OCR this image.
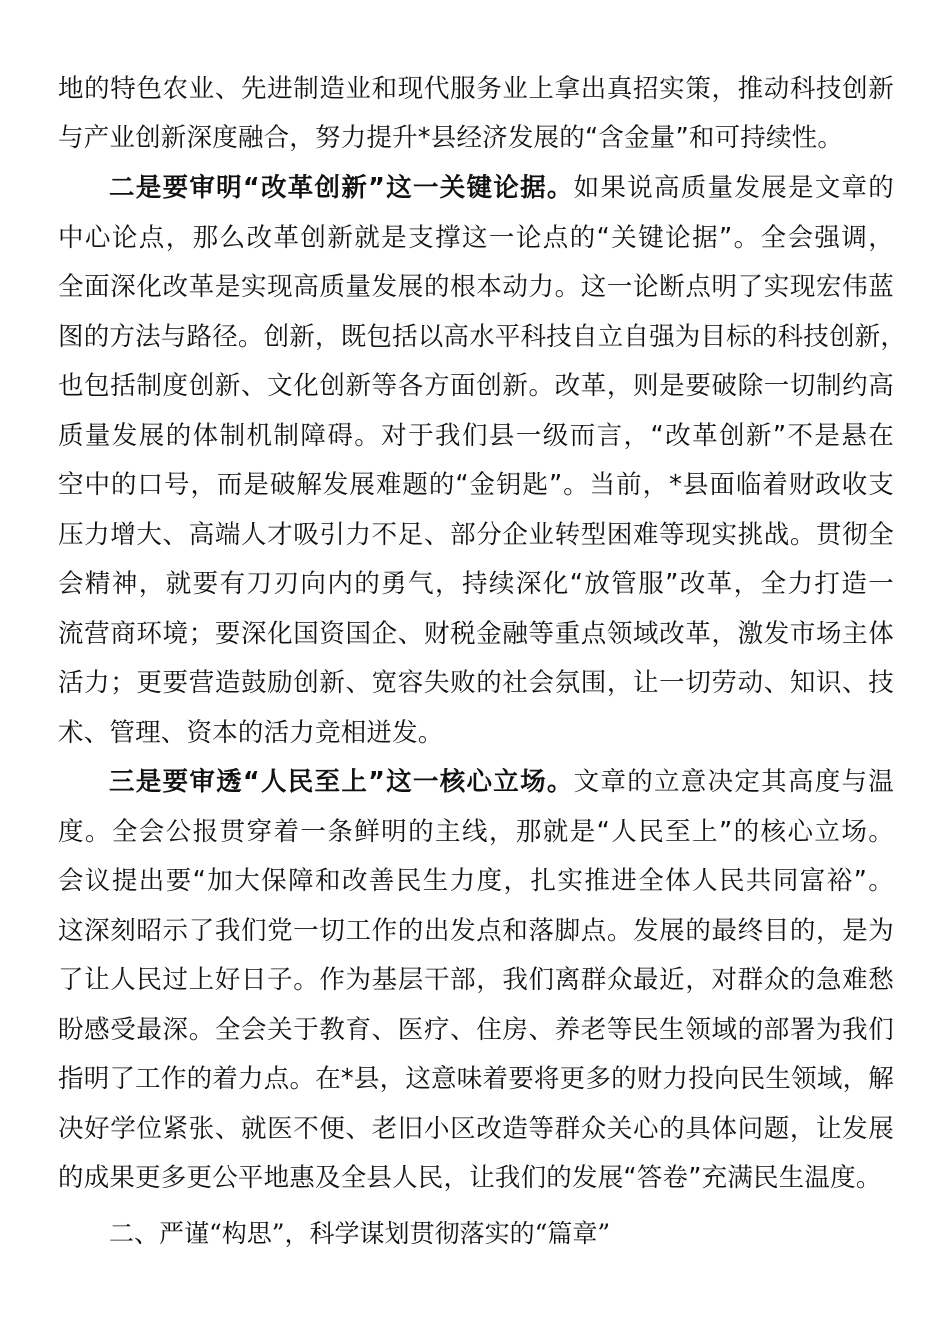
地的特色农业、先进制造业和现代服务业上拿出真招实策，推动科技创新
与产业创新深度融合，努力提升*县经济发展的“含金量”和可持续性。
二是要审明“改革创新”这一关键论据。如果说高质量发展是文章的
中心论点，那么改革创新就是支撑这一论点的“关键论据”。全会强调，
全面深化改革是实现高质量发展的根本动力。这一论断点明了实现宏伟蓝
图的方法与路径。创新，既包括以高水平科技自立自强为目标的科技创新，
也包括制度创新、文化创新等各方面创新。改革，则是要破除一切制约高
质量发展的体制机制障碍。对于我们县一级而言，“改革创新”不是悬在
空中的口号，而是破解发展难题的“金钥匙”。当前，*县面临着财政收支
压力增大、高端人才吸引力不足、部分企业转型困难等现实挑战。贯彻全
会精神，就要有刀刃向内的勇气，持续深化“放管服”改革，全力打造一
流营商环境；要深化国资国企、财税金融等重点领域改革，激发市场主体
活力；更要营造鼓励创新、宽容失败的社会氛围，让一切劳动、知识、技
术、管理、资本的活力竞相迸发。
三是要审透“人民至上”这一核心立场。文章的立意决定其高度与温
度。全会公报贯穿着一条鲜明的主线，那就是“人民至上”的核心立场。
会议提出要“加大保障和改善民生力度，扎实推进全体人民共同富裕”。
这深刻昭示了我们党一切工作的出发点和落脚点。发展的最终目的，是为
了让人民过上好日子。作为基层干部，我们离群众最近，对群众的急难愁
盼感受最深。全会关于教育、医疗、住房、养老等民生领域的部署为我们
指明了工作的着力点。在*县，这意味着要将更多的财力投向民生领域，解
决好学位紧张、就医不便、老旧小区改造等群众关心的具体问题，让发展
的成果更多更公平地惠及全县人民，让我们的发展“答卷”充满民生温度。
二、严谨“构思”，科学谋划贯彻落实的“篇章”
